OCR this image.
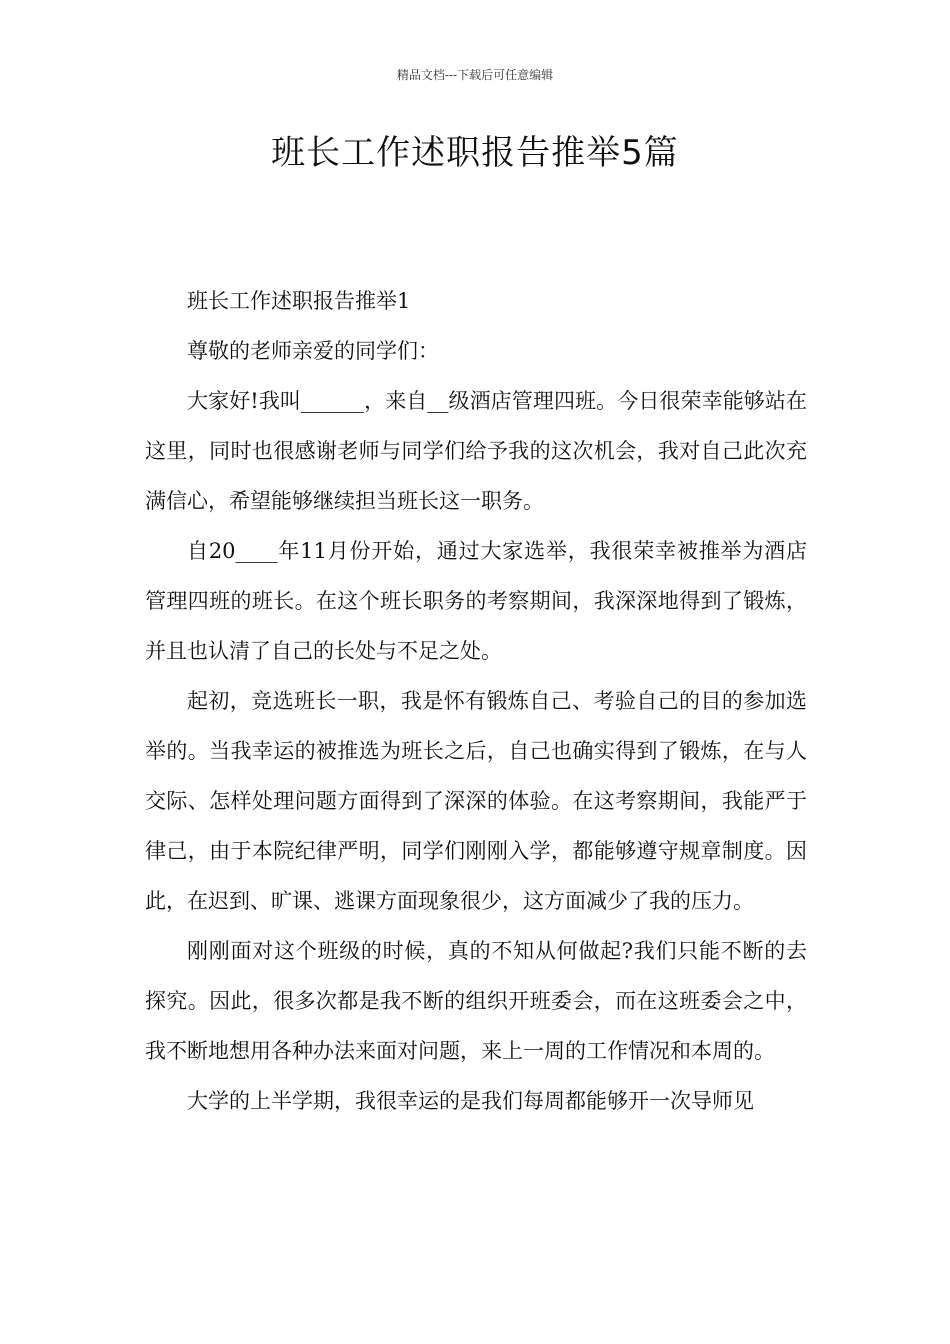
精品文档---下载后可任意编辑
班长工作述职报告推举5篇

班长工作述职报告推举1

尊敬的老师亲爱的同学们：

大家好!我叫______，来自__级酒店管理四班。今日很荣幸能够站在这里，同时也很感谢老师与同学们给予我的这次机会，我对自己此次充满信心，希望能够继续担当班长这一职务。

自20____年11月份开始，通过大家选举，我很荣幸被推举为酒店管理四班的班长。在这个班长职务的考察期间，我深深地得到了锻炼，并且也认清了自己的长处与不足之处。

起初，竞选班长一职，我是怀有锻炼自己、考验自己的目的参加选举的。当我幸运的被推选为班长之后，自己也确实得到了锻炼，在与人交际、怎样处理问题方面得到了深深的体验。在这考察期间，我能严于律己，由于本院纪律严明，同学们刚刚入学，都能够遵守规章制度。因此，在迟到、旷课、逃课方面现象很少，这方面减少了我的压力。

刚刚面对这个班级的时候，真的不知从何做起?我们只能不断的去探究。因此，很多次都是我不断的组织开班委会，而在这班委会之中，我不断地想用各种办法来面对问题，来上一周的工作情况和本周的。

大学的上半学期，我很幸运的是我们每周都能够开一次导师见
